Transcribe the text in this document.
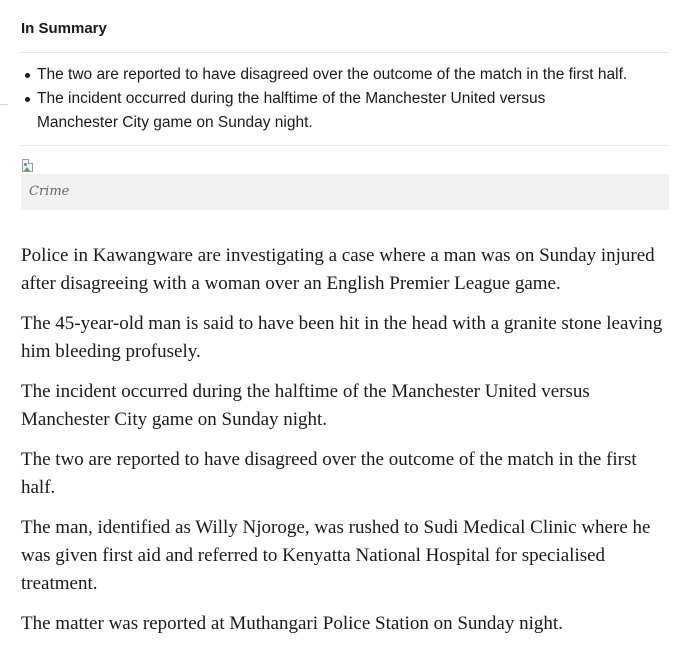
In Summary
The two are reported to have disagreed over the outcome of the match in the first half.
The incident occurred during the halftime of the Manchester United versus Manchester City game on Sunday night.
Crime

Police in Kawangware are investigating a case where a man was on Sunday injured after disagreeing with a woman over an English Premier League game.

The 45-year-old man is said to have been hit in the head with a granite stone leaving him bleeding profusely.

The incident occurred during the halftime of the Manchester United versus Manchester City game on Sunday night.

The two are reported to have disagreed over the outcome of the match in the first half.

The man, identified as Willy Njoroge, was rushed to Sudi Medical Clinic where he was given first aid and referred to Kenyatta National Hospital for specialised treatment.

The matter was reported at Muthangari Police Station on Sunday night.
